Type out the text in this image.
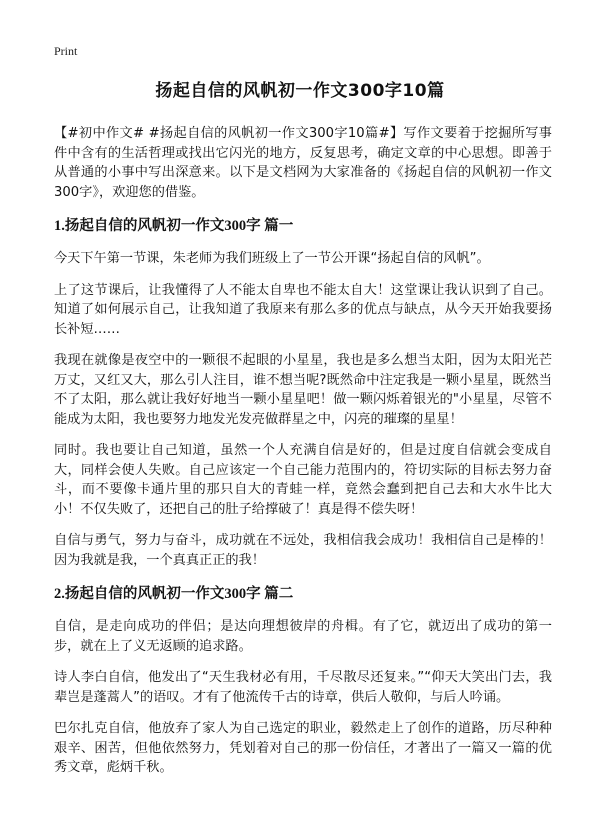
Print
扬起自信的风帆初一作文300字10篇

【#初中作文# #扬起自信的风帆初一作文300字10篇#】写作文要着于挖掘所写事件中含有的生活哲理或找出它闪光的地方，反复思考，确定文章的中心思想。即善于从普通的小事中写出深意来。以下是文档网为大家准备的《扬起自信的风帆初一作文300字》，欢迎您的借鉴。

1.扬起自信的风帆初一作文300字 篇一

今天下午第一节课，朱老师为我们班级上了一节公开课“扬起自信的风帆”。

上了这节课后，让我懂得了人不能太自卑也不能太自大！这堂课让我认识到了自己。知道了如何展示自己，让我知道了我原来有那么多的优点与缺点，从今天开始我要扬长补短……

我现在就像是夜空中的一颗很不起眼的小星星，我也是多么想当太阳，因为太阳光芒万丈，又红又大，那么引人注目，谁不想当呢?既然命中注定我是一颗小星星，既然当不了太阳，那么就让我好好地当一颗小星星吧！做一颗闪烁着银光的"小星星，尽管不能成为太阳，我也要努力地发光发亮做群星之中，闪亮的璀璨的星星！

同时。我也要让自己知道，虽然一个人充满自信是好的，但是过度自信就会变成自大，同样会使人失败。自己应该定一个自己能力范围内的，符切实际的目标去努力奋斗，而不要像卡通片里的那只自大的青蛙一样，竟然会蠢到把自己去和大水牛比大小！不仅失败了，还把自己的肚子给撑破了！真是得不偿失呀！

自信与勇气，努力与奋斗，成功就在不远处，我相信我会成功！我相信自己是棒的！因为我就是我，一个真真正正的我！

2.扬起自信的风帆初一作文300字 篇二

自信，是走向成功的伴侣；是达向理想彼岸的舟楫。有了它，就迈出了成功的第一步，就在上了义无返顾的追求路。

诗人李白自信，他发出了“天生我材必有用，千尽散尽还复来。”“仰天大笑出门去，我辈岂是蓬蒿人”的语叹。才有了他流传千古的诗章，供后人敬仰，与后人吟诵。

巴尔扎克自信，他放弃了家人为自己选定的职业，毅然走上了创作的道路，历尽种种艰辛、困苦，但他依然努力，凭划着对自己的那一份信任，才著出了一篇又一篇的优秀文章，彪炳千秋。
